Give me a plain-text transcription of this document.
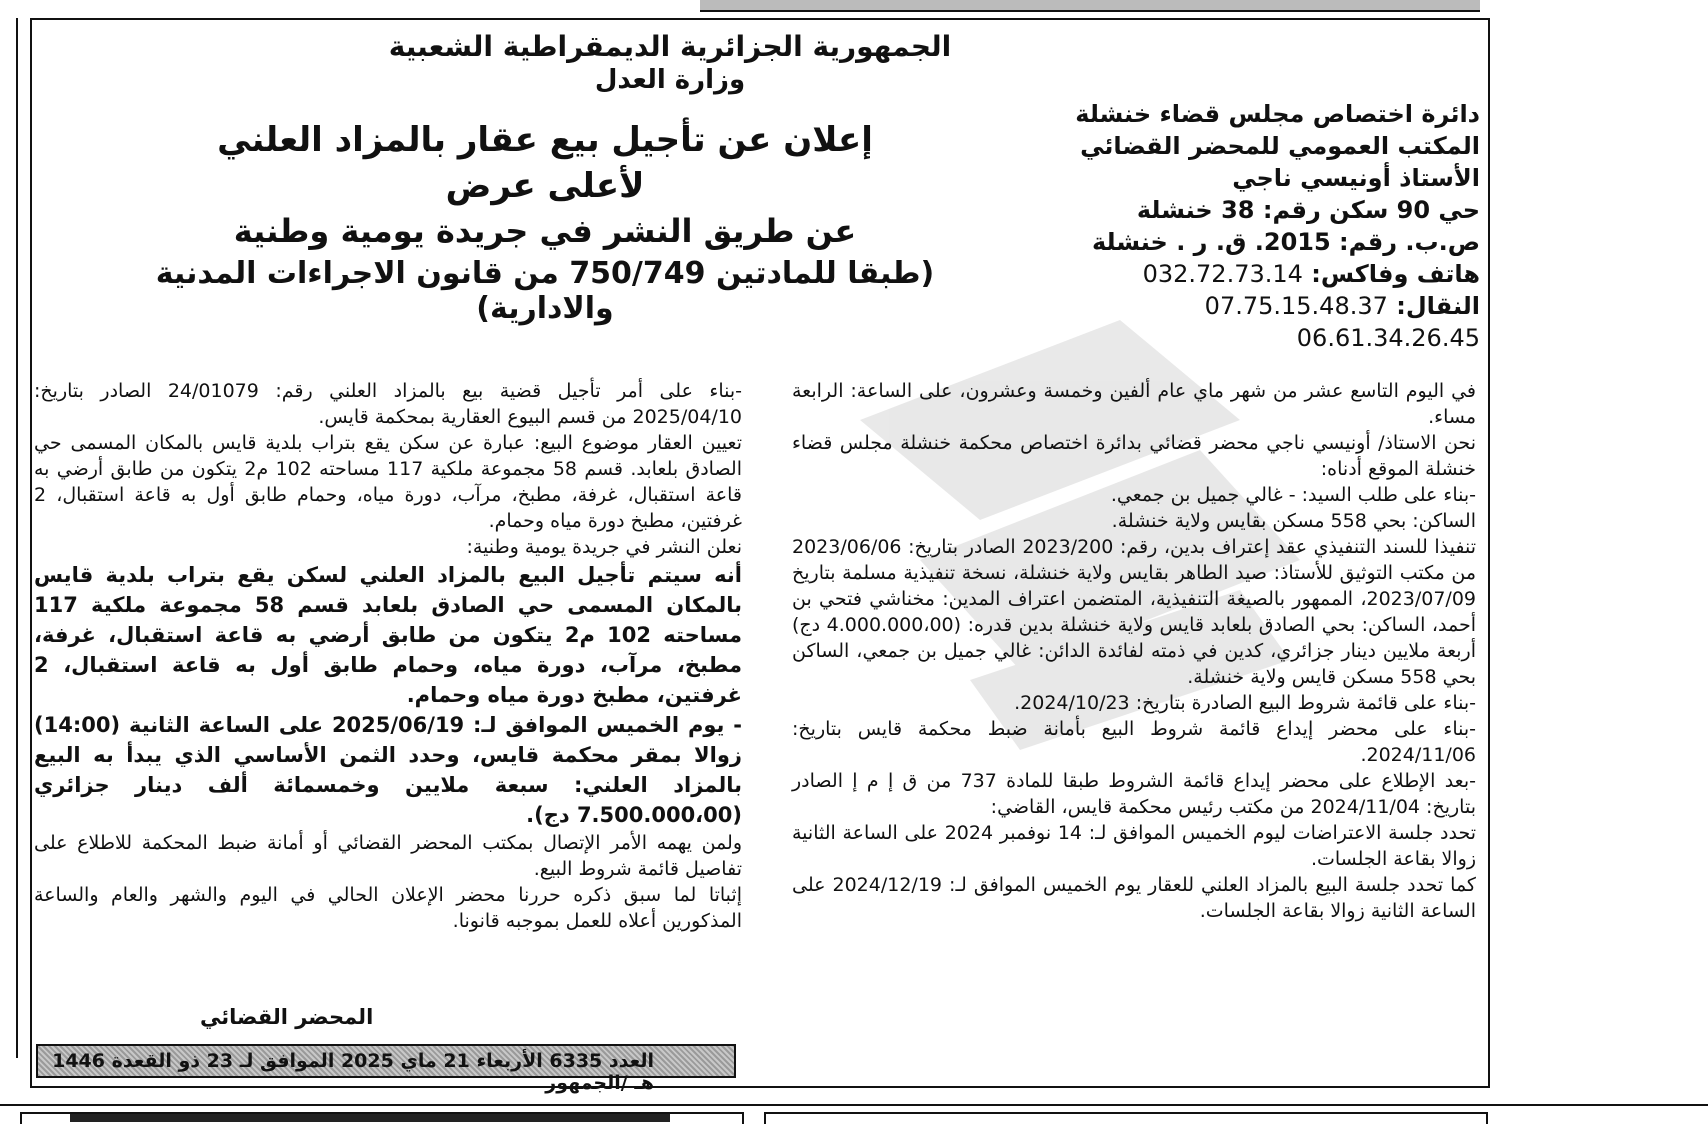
الجمهورية الجزائرية الديمقراطية الشعبية
وزارة العدل
إعلان عن تأجيل بيع عقار بالمزاد العلني
لأعلى عرض
عن طريق النشر في جريدة يومية وطنية
(طبقا للمادتين 750/749 من قانون الاجراءات المدنية والادارية)
دائرة اختصاص مجلس قضاء خنشلة
المكتب العمومي للمحضر القضائي
الأستاذ أونيسي ناجي
حي 90 سكن رقم: 38 خنشلة
ص.ب. رقم: 2015. ق. ر . خنشلة
هاتف وفاكس: 032.72.73.14
النقال: 07.75.15.48.37
06.61.34.26.45

في اليوم التاسع عشر من شهر ماي عام ألفين وخمسة وعشرون، على الساعة: الرابعة مساء.

نحن الاستاذ/ أونيسي ناجي محضر قضائي بدائرة اختصاص محكمة خنشلة مجلس قضاء خنشلة الموقع أدناه:

-بناء على طلب السيد: - غالي جميل بن جمعي.

الساكن: بحي 558 مسكن بقايس ولاية خنشلة.

تنفيذا للسند التنفيذي عقد إعتراف بدين، رقم: 2023/200 الصادر بتاريخ: 2023/06/06 من مكتب التوثيق للأستاذ: صيد الطاهر بقايس ولاية خنشلة، نسخة تنفيذية مسلمة بتاريخ 2023/07/09، الممهور بالصيغة التنفيذية، المتضمن اعتراف المدين: مخناشي فتحي بن أحمد، الساكن: بحي الصادق بلعابد قايس ولاية خنشلة بدين قدره: (4.000.000،00 دج) أربعة ملايين دينار جزائري، كدين في ذمته لفائدة الدائن: غالي جميل بن جمعي، الساكن بحي 558 مسكن قايس ولاية خنشلة.

-بناء على قائمة شروط البيع الصادرة بتاريخ: 2024/10/23.

-بناء على محضر إيداع قائمة شروط البيع بأمانة ضبط محكمة قايس بتاريخ: 2024/11/06.

-بعد الإطلاع على محضر إيداع قائمة الشروط طبقا للمادة 737 من ق إ م إ الصادر بتاريخ: 2024/11/04 من مكتب رئيس محكمة قايس، القاضي:

تحدد جلسة الاعتراضات ليوم الخميس الموافق لـ: 14 نوفمبر 2024 على الساعة الثانية زوالا بقاعة الجلسات.

كما تحدد جلسة البيع بالمزاد العلني للعقار يوم الخميس الموافق لـ: 2024/12/19 على الساعة الثانية زوالا بقاعة الجلسات.

-بناء على أمر تأجيل قضية بيع بالمزاد العلني رقم: 24/01079 الصادر بتاريخ: 2025/04/10 من قسم البيوع العقارية بمحكمة قايس.

تعيين العقار موضوع البيع: عبارة عن سكن يقع بتراب بلدية قايس بالمكان المسمى حي الصادق بلعابد. قسم 58 مجموعة ملكية 117 مساحته 102 م2 يتكون من طابق أرضي به قاعة استقبال، غرفة، مطبخ، مرآب، دورة مياه، وحمام طابق أول به قاعة استقبال، 2 غرفتين، مطبخ دورة مياه وحمام.

نعلن النشر في جريدة يومية وطنية:

أنه سيتم تأجيل البيع بالمزاد العلني لسكن يقع بتراب بلدية قايس بالمكان المسمى حي الصادق بلعابد قسم 58 مجموعة ملكية 117 مساحته 102 م2 يتكون من طابق أرضي به قاعة استقبال، غرفة، مطبخ، مرآب، دورة مياه، وحمام طابق أول به قاعة استقبال، 2 غرفتين، مطبخ دورة مياه وحمام.

- يوم الخميس الموافق لـ: 2025/06/19 على الساعة الثانية (14:00) زوالا بمقر محكمة قايس، وحدد الثمن الأساسي الذي يبدأ به البيع بالمزاد العلني: سبعة ملايين وخمسمائة ألف دينار جزائري (7.500.000،00 دج).

ولمن يهمه الأمر الإتصال بمكتب المحضر القضائي أو أمانة ضبط المحكمة للاطلاع على تفاصيل قائمة شروط البيع.

إثباتا لما سبق ذكره حررنا محضر الإعلان الحالي في اليوم والشهر والعام والساعة المذكورين أعلاه للعمل بموجبه قانونا.

المحضر القضائي
العدد 6335 الأربعاء 21 ماي 2025 الموافق لـ 23 ذو القعدة 1446 هـ /الجمهور
